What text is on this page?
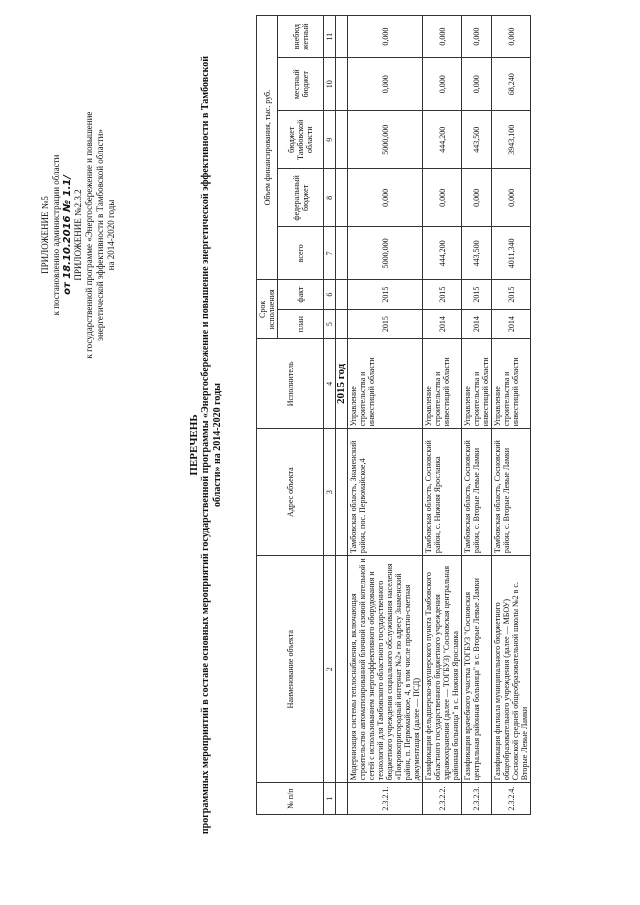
ПРИЛОЖЕНИЕ №5 к постановлению администрации области от 18.10.2016 № 1.1/ ПРИЛОЖЕНИЕ №2.3.2 к государственной программе «Энергосбережение и повышение энергетической эффективности в Тамбовской области» на 2014-2020 годы
ПЕРЕЧЕНЬ программных мероприятий в составе основных мероприятий государственной программы «Энергосбережение и повышение энергетической эффективности в Тамбовской области» на 2014-2020 годы
№ п/п	Наименование объекта	Адрес объекта	Исполнитель	Срок исполнения		Объем финансирования, тыс. руб.				
				план	факт	всего	федеральный бюджет	бюджет Тамбовской области	местный бюджет	внебюд жетный
1	2	3	4	5	6	7	8	9	10	11
			2015 год							
2.3.2.1.	Модернизация системы теплоснабжения, включающая строительство автоматизированной блочной газовой котельной и сетей с использованием энергоэффективного оборудования и технологий для Тамбовского областного государственного бюджетного учреждения социального обслуживания населения «Покровопригородный интернат №2» по адресу Знаменский район, п. Первомайское, 4, в том числе проектно-сметная документация (далее — ПСД)	Тамбовская область, Знаменский район, пос. Первомайское,4	Управление строительства и инвестиций области	2015	2015	5000,000	0,000	5000,000	0,000	0,000
2.3.2.2.	Газификация фельдшерско-акушерского пункта Тамбовского областного государственного бюджетного учреждения здравоохранения (далее — ТОГБУЗ) "Сосновская центральная районная больница" в с. Нижняя Ярославка	Тамбовская область, Сосновский район, с. Нижняя Ярославка	Управление строительства и инвестиций области	2014	2015	444,200	0,000	444,200	0,000	0,000
2.3.2.3.	Газификация врачебного участка ТОГБУЗ "Сосновская центральная районная больница" в с. Вторые Левые Ламки	Тамбовская область, Сосновский район, с. Вторые Левые Ламки	Управление строительства и инвестиций области	2014	2015	443,500	0,000	443,500	0,000	0,000
2.3.2.4.	Газификация филиала муниципального бюджетного общеобразовательного учреждения (далее — МБОУ) Сосновской средней общеобразовательной школы №2 в с. Вторые Левые Ламки	Тамбовская область, Сосновский район, с. Вторые Левые Ламки	Управление строительства и инвестиций области	2014	2015	4011,340	0,000	3943,100	68,240	0,000
